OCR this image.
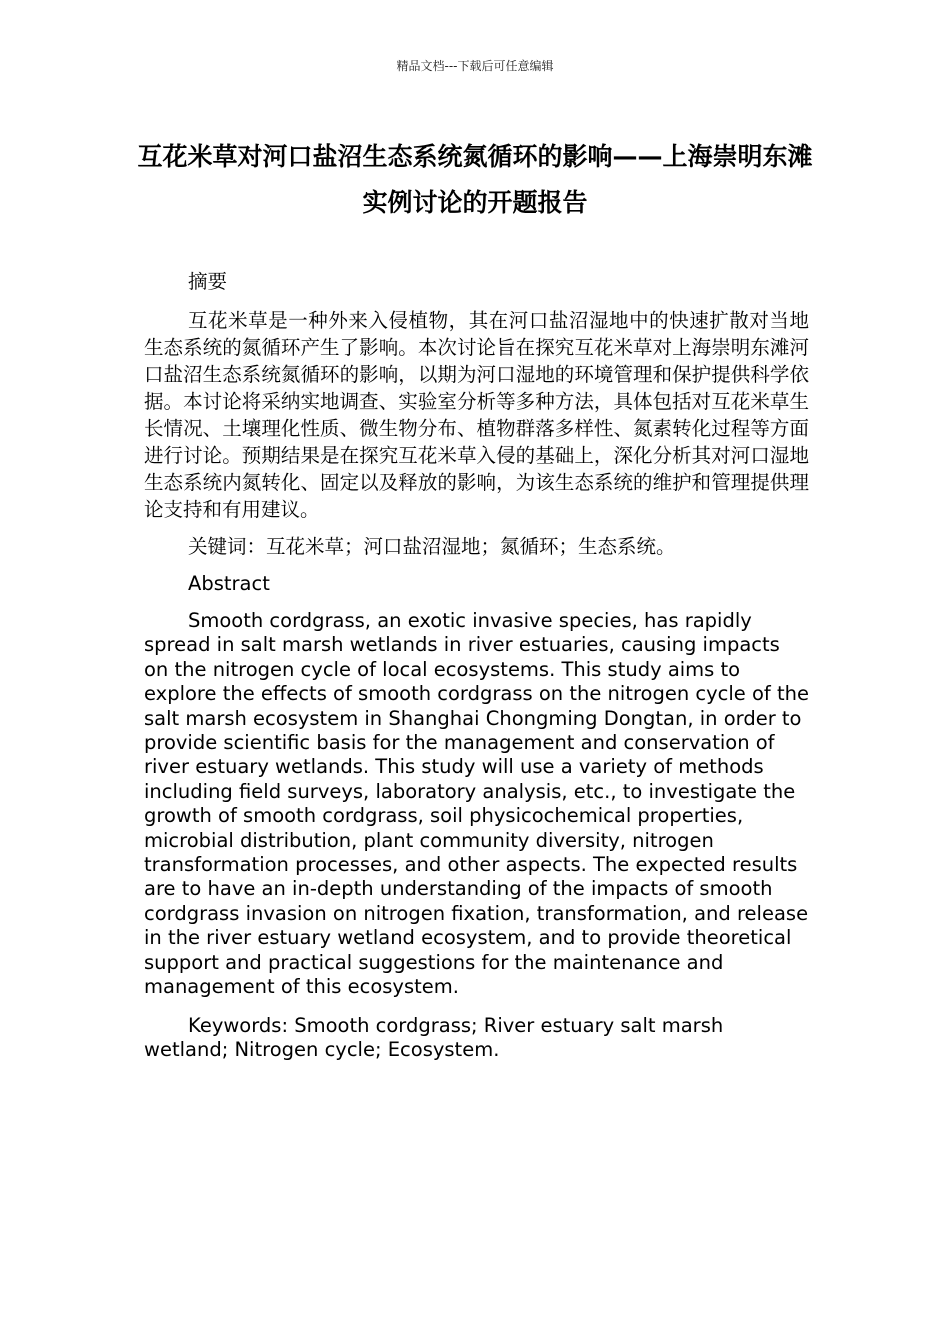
精品文档---下载后可任意编辑
互花米草对河口盐沼生态系统氮循环的影响——上海崇明东滩实例讨论的开题报告

摘要

互花米草是一种外来入侵植物，其在河口盐沼湿地中的快速扩散对当地生态系统的氮循环产生了影响。本次讨论旨在探究互花米草对上海崇明东滩河口盐沼生态系统氮循环的影响，以期为河口湿地的环境管理和保护提供科学依据。本讨论将采纳实地调查、实验室分析等多种方法，具体包括对互花米草生长情况、土壤理化性质、微生物分布、植物群落多样性、氮素转化过程等方面进行讨论。预期结果是在探究互花米草入侵的基础上，深化分析其对河口湿地生态系统内氮转化、固定以及释放的影响，为该生态系统的维护和管理提供理论支持和有用建议。

关键词：互花米草；河口盐沼湿地；氮循环；生态系统。

Abstract

Smooth cordgrass, an exotic invasive species, has rapidly spread in salt marsh wetlands in river estuaries, causing impacts on the nitrogen cycle of local ecosystems. This study aims to explore the effects of smooth cordgrass on the nitrogen cycle of the salt marsh ecosystem in Shanghai Chongming Dongtan, in order to provide scientific basis for the management and conservation of river estuary wetlands. This study will use a variety of methods including field surveys, laboratory analysis, etc., to investigate the growth of smooth cordgrass, soil physicochemical properties, microbial distribution, plant community diversity, nitrogen transformation processes, and other aspects. The expected results are to have an in-depth understanding of the impacts of smooth cordgrass invasion on nitrogen fixation, transformation, and release in the river estuary wetland ecosystem, and to provide theoretical support and practical suggestions for the maintenance and management of this ecosystem.

Keywords: Smooth cordgrass; River estuary salt marsh wetland; Nitrogen cycle; Ecosystem.
